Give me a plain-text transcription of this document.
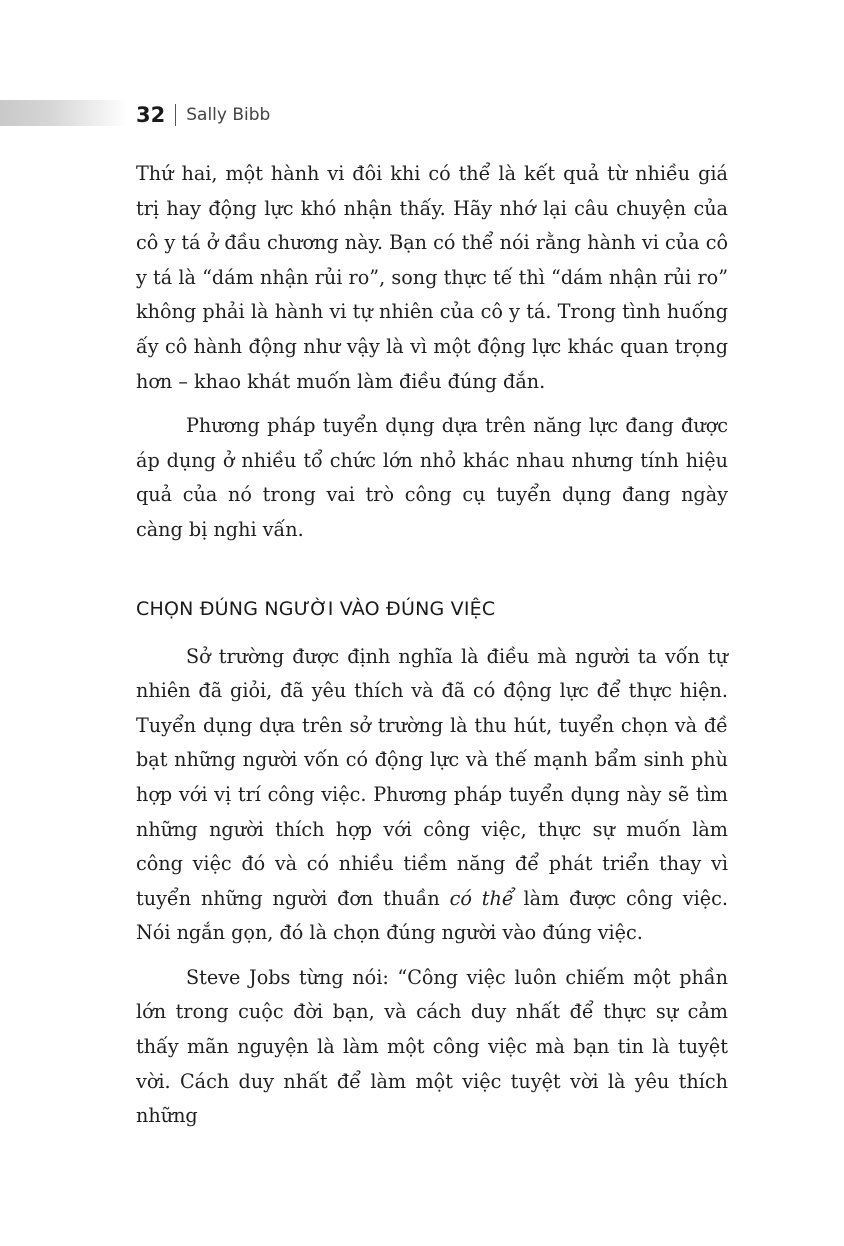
32 Sally Bibb

Thứ hai, một hành vi đôi khi có thể là kết quả từ nhiều giá trị hay động lực khó nhận thấy. Hãy nhớ lại câu chuyện của cô y tá ở đầu chương này. Bạn có thể nói rằng hành vi của cô y tá là “dám nhận rủi ro”, song thực tế thì “dám nhận rủi ro” không phải là hành vi tự nhiên của cô y tá. Trong tình huống ấy cô hành động như vậy là vì một động lực khác quan trọng hơn – khao khát muốn làm điều đúng đắn.

Phương pháp tuyển dụng dựa trên năng lực đang được áp dụng ở nhiều tổ chức lớn nhỏ khác nhau nhưng tính hiệu quả của nó trong vai trò công cụ tuyển dụng đang ngày càng bị nghi vấn.

CHỌN ĐÚNG NGƯỜI VÀO ĐÚNG VIỆC

Sở trường được định nghĩa là điều mà người ta vốn tự nhiên đã giỏi, đã yêu thích và đã có động lực để thực hiện. Tuyển dụng dựa trên sở trường là thu hút, tuyển chọn và đề bạt những người vốn có động lực và thế mạnh bẩm sinh phù hợp với vị trí công việc. Phương pháp tuyển dụng này sẽ tìm những người thích hợp với công việc, thực sự muốn làm công việc đó và có nhiều tiềm năng để phát triển thay vì tuyển những người đơn thuần có thể làm được công việc. Nói ngắn gọn, đó là chọn đúng người vào đúng việc.

Steve Jobs từng nói: “Công việc luôn chiếm một phần lớn trong cuộc đời bạn, và cách duy nhất để thực sự cảm thấy mãn nguyện là làm một công việc mà bạn tin là tuyệt vời. Cách duy nhất để làm một việc tuyệt vời là yêu thích những
